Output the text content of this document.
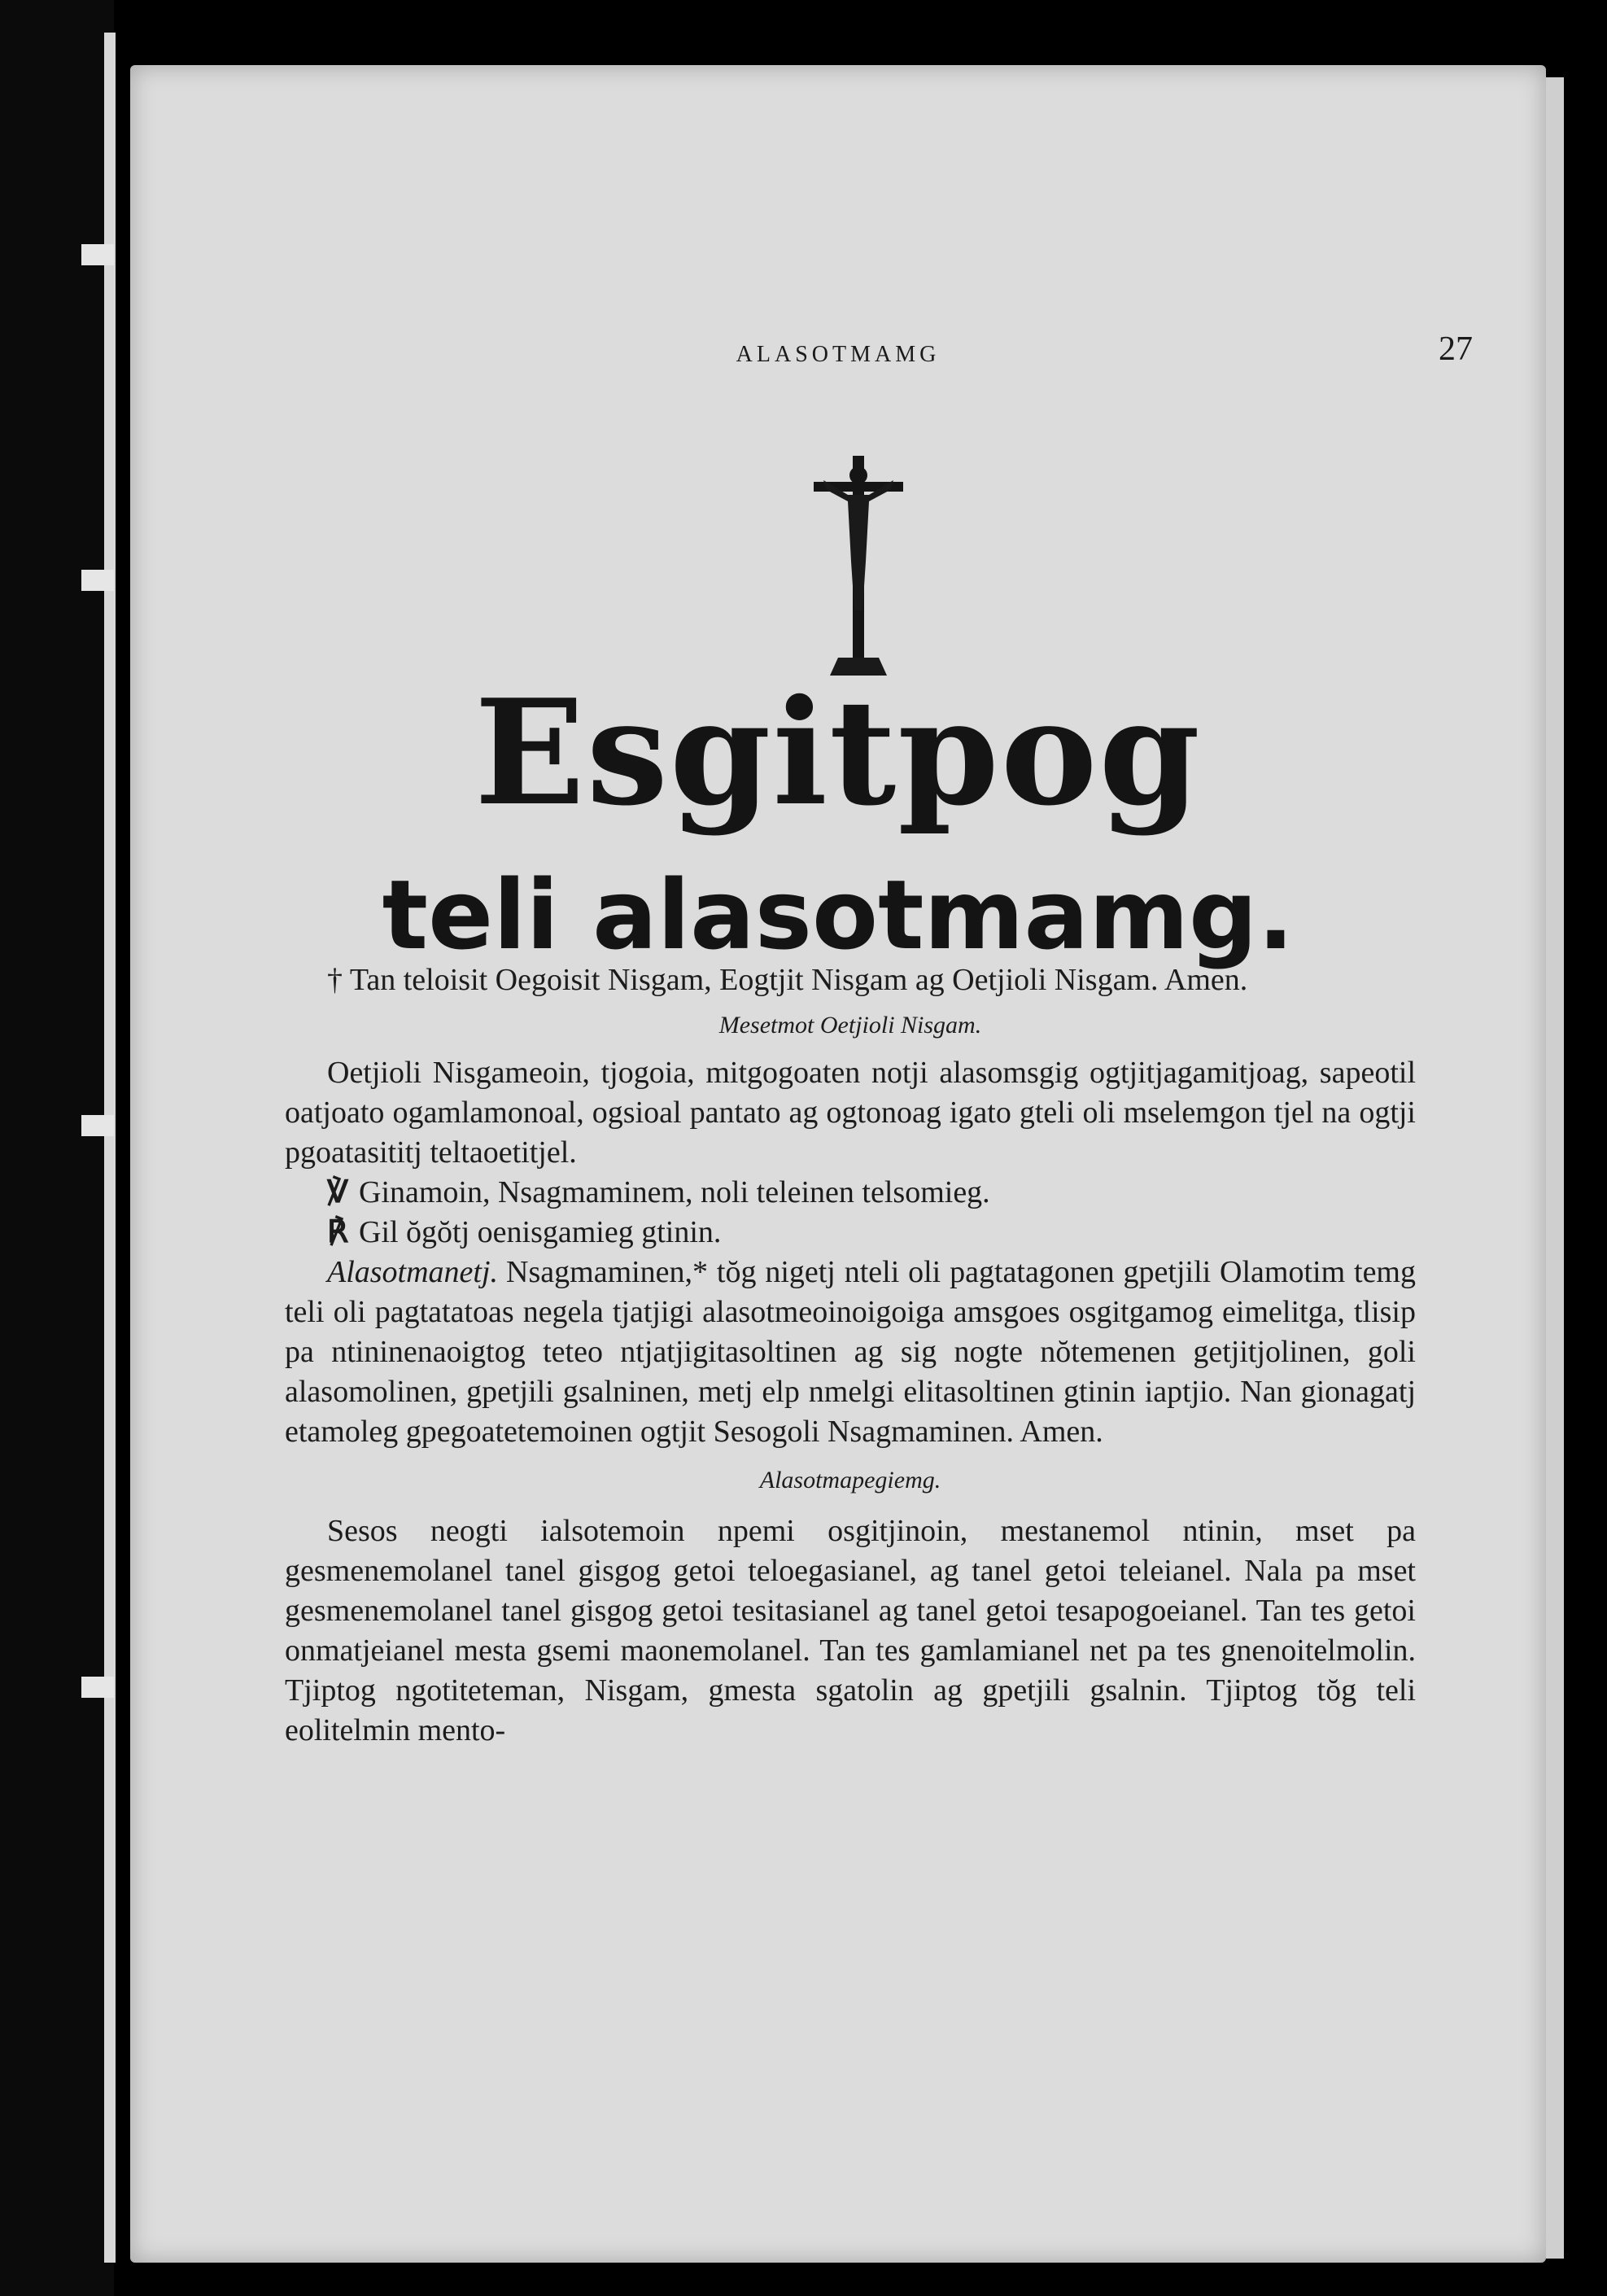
ALASOTMAMG	27
Esgitpog
teli alasotmamg.

† Tan teloisit Oegoisit Nisgam, Eogtjit Nisgam ag Oetjioli Nisgam. Amen.

Mesetmot Oetjioli Nisgam.

Oetjioli Nisgameoin, tjogoia, mitgogoaten notji alasomsgig ogtjitjagamitjoag, sapeotil oatjoato ogamlamonoal, ogsioal pantato ag ogtonoag igato gteli oli mselemgon tjel na ogtji pgoatasititj teltaoetitjel.

℣ Ginamoin, Nsagmaminem, noli teleinen telsomieg.

℟ Gil ŏgŏtj oenisgamieg gtinin.

Alasotmanetj. Nsagmaminen,* tŏg nigetj nteli oli pagtatagonen gpetjili Olamotim temg teli oli pagtatatoas negela tjatjigi alasotmeoinoigoiga amsgoes osgitgamog eimelitga, tlisip pa ntininenaoigtog teteo ntjatjigitasoltinen ag sig nogte nŏtemenen getjitjolinen, goli alasomolinen, gpetjili gsalninen, metj elp nmelgi elitasoltinen gtinin iaptjio. Nan gionagatj etamoleg gpegoatetemoinen ogtjit Sesogoli Nsagmaminen. Amen.

Alasotmapegiemg.

Sesos neogti ialsotemoin npemi osgitjinoin, mestanemol ntinin, mset pa gesmenemolanel tanel gisgog getoi teloegasianel, ag tanel getoi teleianel. Nala pa mset gesmenemolanel tanel gisgog getoi tesitasianel ag tanel getoi tesapogoeianel. Tan tes getoi onmatjeianel mesta gsemi maonemolanel. Tan tes gamlamianel net pa tes gnenoitelmolin. Tjiptog ngotiteteman, Nisgam, gmesta sgatolin ag gpetjili gsalnin. Tjiptog tŏg teli eolitelmin mento-
